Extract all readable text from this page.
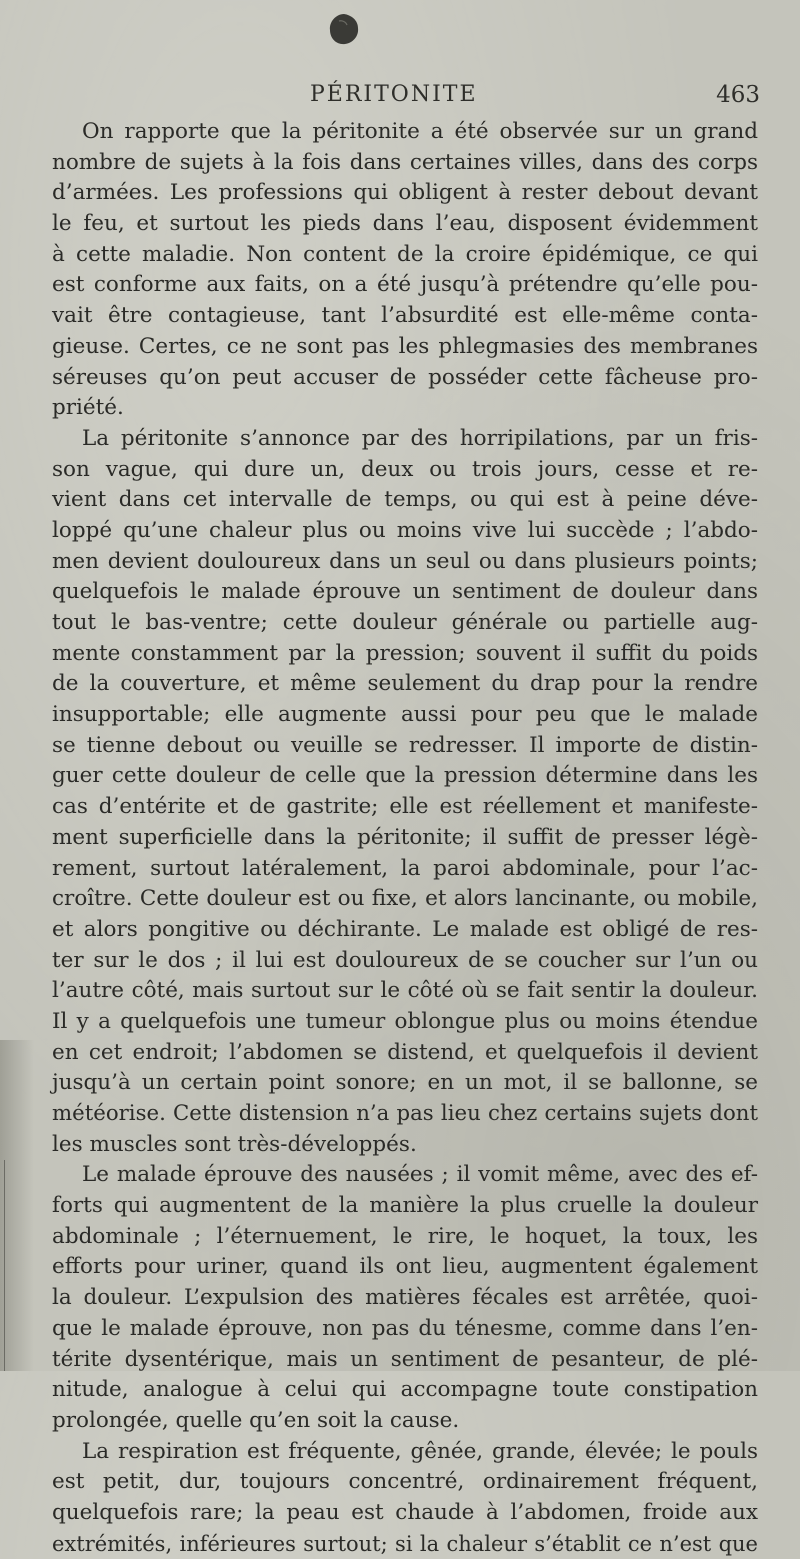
PÉRITONITE	463
On rapporte que la péritonite a été observée sur un grand
nombre de sujets à la fois dans certaines villes, dans des corps
d’armées. Les professions qui obligent à rester debout devant
le feu, et surtout les pieds dans l’eau, disposent évidemment
à cette maladie. Non content de la croire épidémique, ce qui
est conforme aux faits, on a été jusqu’à prétendre qu’elle pou-
vait être contagieuse, tant l’absurdité est elle-même conta-
gieuse. Certes, ce ne sont pas les phlegmasies des membranes
séreuses qu’on peut accuser de posséder cette fâcheuse pro-
priété.
La péritonite s’annonce par des horripilations, par un fris-
son vague, qui dure un, deux ou trois jours, cesse et re-
vient dans cet intervalle de temps, ou qui est à peine déve-
loppé qu’une chaleur plus ou moins vive lui succède ; l’abdo-
men devient douloureux dans un seul ou dans plusieurs points;
quelquefois le malade éprouve un sentiment de douleur dans
tout le bas-ventre; cette douleur générale ou partielle aug-
mente constamment par la pression; souvent il suffit du poids
de la couverture, et même seulement du drap pour la rendre
insupportable; elle augmente aussi pour peu que le malade
se tienne debout ou veuille se redresser. Il importe de distin-
guer cette douleur de celle que la pression détermine dans les
cas d’entérite et de gastrite; elle est réellement et manifeste-
ment superficielle dans la péritonite; il suffit de presser légè-
rement, surtout latéralement, la paroi abdominale, pour l’ac-
croître. Cette douleur est ou fixe, et alors lancinante, ou mobile,
et alors pongitive ou déchirante. Le malade est obligé de res-
ter sur le dos ; il lui est douloureux de se coucher sur l’un ou
l’autre côté, mais surtout sur le côté où se fait sentir la douleur.
Il y a quelquefois une tumeur oblongue plus ou moins étendue
en cet endroit; l’abdomen se distend, et quelquefois il devient
jusqu’à un certain point sonore; en un mot, il se ballonne, se
météorise. Cette distension n’a pas lieu chez certains sujets dont
les muscles sont très-développés.
Le malade éprouve des nausées ; il vomit même, avec des ef-
forts qui augmentent de la manière la plus cruelle la douleur
abdominale ; l’éternuement, le rire, le hoquet, la toux, les
efforts pour uriner, quand ils ont lieu, augmentent également
la douleur. L’expulsion des matières fécales est arrêtée, quoi-
que le malade éprouve, non pas du ténesme, comme dans l’en-
térite dysentérique, mais un sentiment de pesanteur, de plé-
nitude, analogue à celui qui accompagne toute constipation
prolongée, quelle qu’en soit la cause.
La respiration est fréquente, gênée, grande, élevée; le pouls
est petit, dur, toujours concentré, ordinairement fréquent,
quelquefois rare; la peau est chaude à l’abdomen, froide aux
extrémités, inférieures surtout; si la chaleur s’établit ce n’est que
